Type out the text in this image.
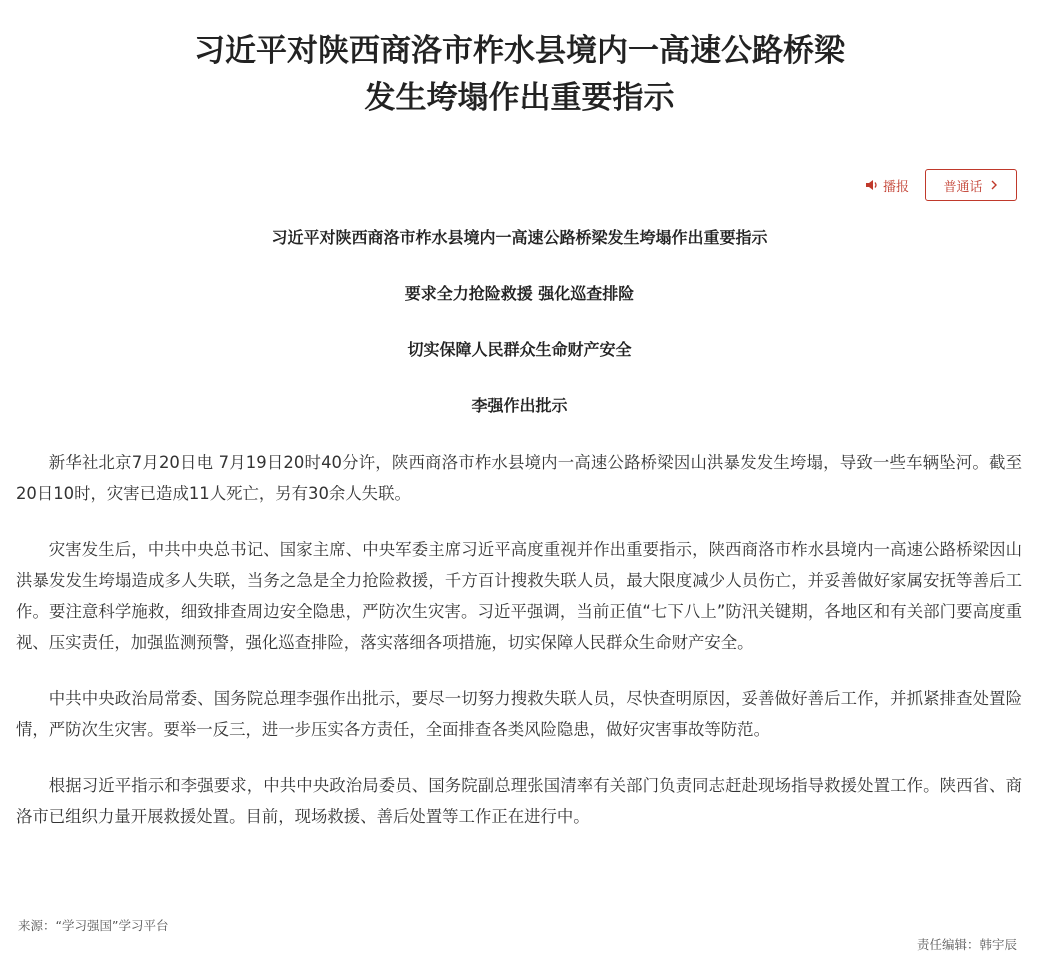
习近平对陕西商洛市柞水县境内一高速公路桥梁
发生垮塌作出重要指示
播报	普通话
习近平对陕西商洛市柞水县境内一高速公路桥梁发生垮塌作出重要指示
要求全力抢险救援 强化巡查排险
切实保障人民群众生命财产安全
李强作出批示

新华社北京7月20日电 7月19日20时40分许，陕西商洛市柞水县境内一高速公路桥梁因山洪暴发发生垮塌，导致一些车辆坠河。截至20日10时，灾害已造成11人死亡，另有30余人失联。

灾害发生后，中共中央总书记、国家主席、中央军委主席习近平高度重视并作出重要指示，陕西商洛市柞水县境内一高速公路桥梁因山洪暴发发生垮塌造成多人失联，当务之急是全力抢险救援，千方百计搜救失联人员，最大限度减少人员伤亡，并妥善做好家属安抚等善后工作。要注意科学施救，细致排查周边安全隐患，严防次生灾害。习近平强调，当前正值“七下八上”防汛关键期，各地区和有关部门要高度重视、压实责任，加强监测预警，强化巡查排险，落实落细各项措施，切实保障人民群众生命财产安全。

中共中央政治局常委、国务院总理李强作出批示，要尽一切努力搜救失联人员，尽快查明原因，妥善做好善后工作，并抓紧排查处置险情，严防次生灾害。要举一反三，进一步压实各方责任，全面排查各类风险隐患，做好灾害事故等防范。

根据习近平指示和李强要求，中共中央政治局委员、国务院副总理张国清率有关部门负责同志赶赴现场指导救援处置工作。陕西省、商洛市已组织力量开展救援处置。目前，现场救援、善后处置等工作正在进行中。

来源：“学习强国”学习平台
责任编辑：韩宇辰
